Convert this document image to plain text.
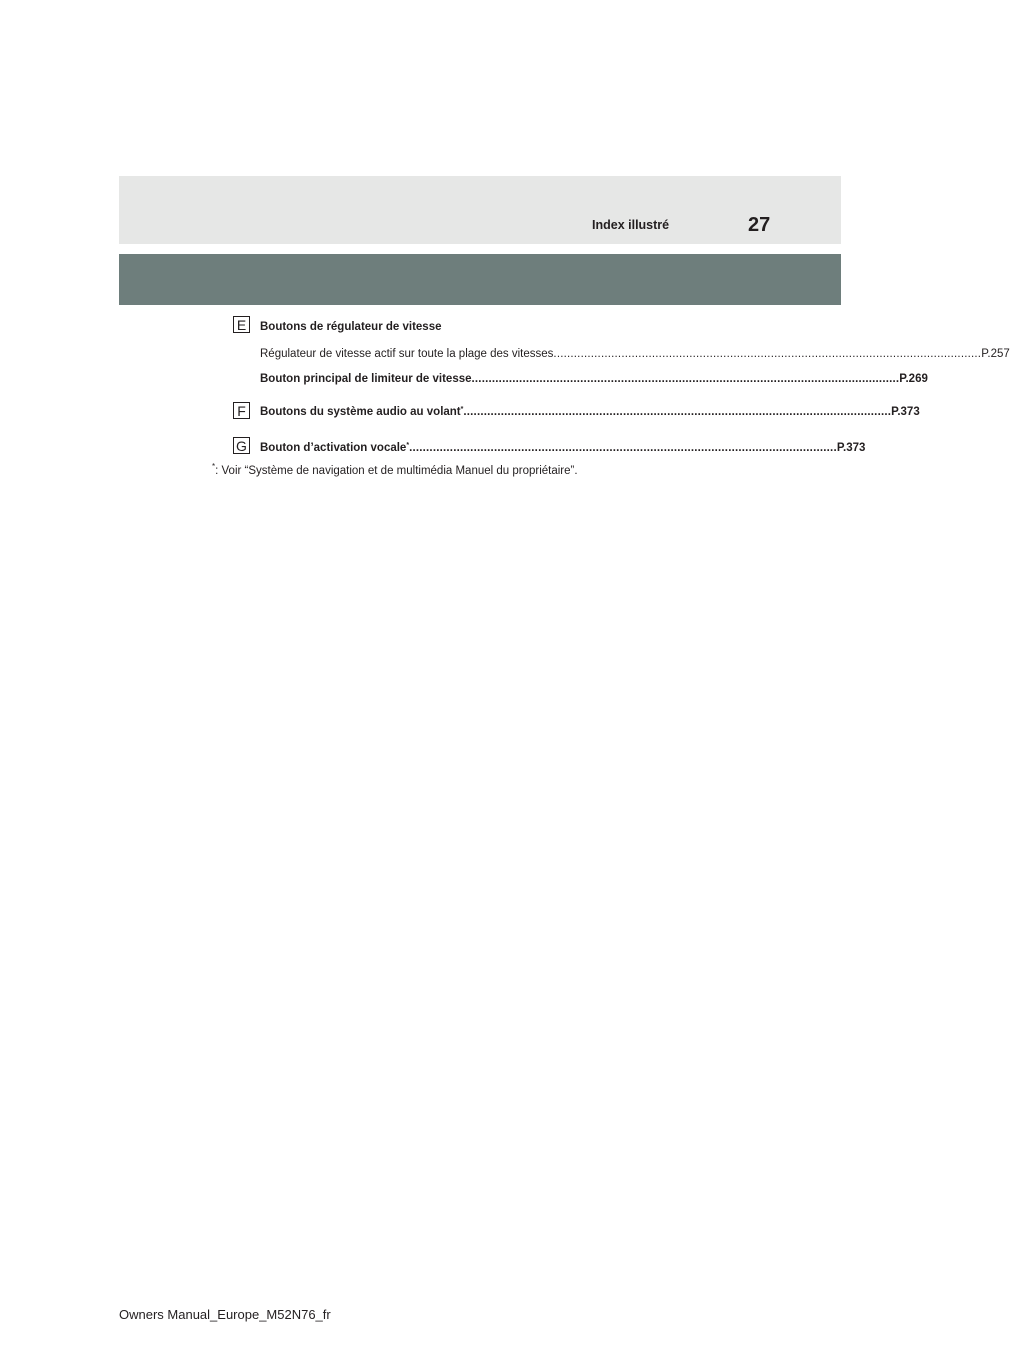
Index illustré	27
E	Boutons de régulateur de vitesse
Régulateur de vitesse actif sur toute la plage des vitesses .............................................................................................................................. P.257
Bouton principal de limiteur de vitesse .............................................................................................................................. P.269
F	Boutons du système audio au volant* .............................................................................................................................. P.373
G Bouton d’activation vocale* .............................................................................................................................. P.373
*: Voir “Système de navigation et de multimédia Manuel du propriétaire”.
Owners Manual_Europe_M52N76_fr
